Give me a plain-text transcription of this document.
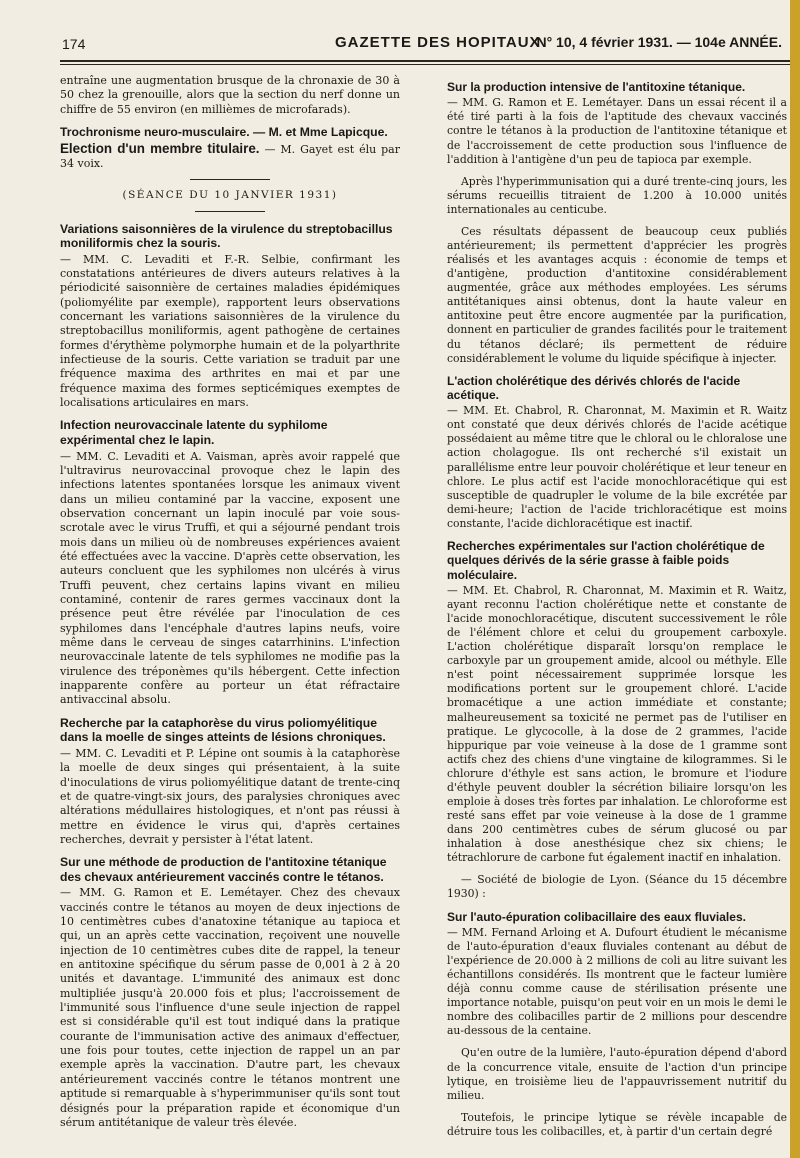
174	GAZETTE DES HOPITAUX
N° 10, 4 février 1931. — 104e ANNÉE.

entraîne une augmentation brusque de la chronaxie de 30 à 50 chez la grenouille, alors que la section du nerf donne un chiffre de 55 environ (en millièmes de microfarads).

Trochronisme neuro-musculaire. — M. et Mme Lapicque.

Election d'un membre titulaire. — M. Gayet est élu par 34 voix.

(SÉANCE DU 10 JANVIER 1931)
Variations saisonnières de la virulence du streptobacillus moniliformis chez la souris.

— MM. C. Levaditi et F.-R. Selbie, confirmant les constatations antérieures de divers auteurs relatives à la périodicité saisonnière de certaines maladies épidémiques (poliomyélite par exemple), rapportent leurs observations concernant les variations saisonnières de la virulence du streptobacillus moniliformis, agent pathogène de certaines formes d'érythème polymorphe humain et de la polyarthrite infectieuse de la souris. Cette variation se traduit par une fréquence maxima des arthrites en mai et par une fréquence maxima des formes septicémiques exemptes de localisations articulaires en mars.

Infection neurovaccinale latente du syphilome expérimental chez le lapin.

— MM. C. Levaditi et A. Vaisman, après avoir rappelé que l'ultravirus neurovaccinal provoque chez le lapin des infections latentes spontanées lorsque les animaux vivent dans un milieu contaminé par la vaccine, exposent une observation concernant un lapin inoculé par voie sous-scrotale avec le virus Truffi, et qui a séjourné pendant trois mois dans un milieu où de nombreuses expériences avaient été effectuées avec la vaccine. D'après cette observation, les auteurs concluent que les syphilomes non ulcérés à virus Truffi peuvent, chez certains lapins vivant en milieu contaminé, contenir de rares germes vaccinaux dont la présence peut être révélée par l'inoculation de ces syphilomes dans l'encéphale d'autres lapins neufs, voire même dans le cerveau de singes catarrhinins. L'infection neurovaccinale latente de tels syphilomes ne modifie pas la virulence des tréponèmes qu'ils hébergent. Cette infection inapparente confère au porteur un état réfractaire antivaccinal absolu.

Recherche par la cataphorèse du virus poliomyélitique dans la moelle de singes atteints de lésions chroniques.

— MM. C. Levaditi et P. Lépine ont soumis à la cataphorèse la moelle de deux singes qui présentaient, à la suite d'inoculations de virus poliomyélitique datant de trente-cinq et de quatre-vingt-six jours, des paralysies chroniques avec altérations médullaires histologiques, et n'ont pas réussi à mettre en évidence le virus qui, d'après certaines recherches, devrait y persister à l'état latent.

Sur une méthode de production de l'antitoxine tétanique des chevaux antérieurement vaccinés contre le tétanos.

— MM. G. Ramon et E. Lemétayer. Chez des chevaux vaccinés contre le tétanos au moyen de deux injections de 10 centimètres cubes d'anatoxine tétanique au tapioca et qui, un an après cette vaccination, reçoivent une nouvelle injection de 10 centimètres cubes dite de rappel, la teneur en antitoxine spécifique du sérum passe de 0,001 à 2 à 20 unités et davantage. L'immunité des animaux est donc multipliée jusqu'à 20.000 fois et plus; l'accroissement de l'immunité sous l'influence d'une seule injection de rappel est si considérable qu'il est tout indiqué dans la pratique courante de l'immunisation active des animaux d'effectuer, une fois pour toutes, cette injection de rappel un an par exemple après la vaccination. D'autre part, les chevaux antérieurement vaccinés contre le tétanos montrent une aptitude si remarquable à s'hyperimmuniser qu'ils sont tout désignés pour la préparation rapide et économique d'un sérum antitétanique de valeur très élevée.

Sur la production intensive de l'antitoxine tétanique.

— MM. G. Ramon et E. Lemétayer. Dans un essai récent il a été tiré parti à la fois de l'aptitude des chevaux vaccinés contre le tétanos à la production de l'antitoxine tétanique et de l'accroissement de cette production sous l'influence de l'addition à l'antigène d'un peu de tapioca par exemple.

Après l'hyperimmunisation qui a duré trente-cinq jours, les sérums recueillis titraient de 1.200 à 10.000 unités internationales au centicube.

Ces résultats dépassent de beaucoup ceux publiés antérieurement; ils permettent d'apprécier les progrès réalisés et les avantages acquis : économie de temps et d'antigène, production d'antitoxine considérablement augmentée, grâce aux méthodes employées. Les sérums antitétaniques ainsi obtenus, dont la haute valeur en antitoxine peut être encore augmentée par la purification, donnent en particulier de grandes facilités pour le traitement du tétanos déclaré; ils permettent de réduire considérablement le volume du liquide spécifique à injecter.

L'action cholérétique des dérivés chlorés de l'acide acétique.

— MM. Et. Chabrol, R. Charonnat, M. Maximin et R. Waitz ont constaté que deux dérivés chlorés de l'acide acétique possédaient au même titre que le chloral ou le chloralose une action cholagogue. Ils ont recherché s'il existait un parallélisme entre leur pouvoir cholérétique et leur teneur en chlore. Le plus actif est l'acide monochloracétique qui est susceptible de quadrupler le volume de la bile excrétée par demi-heure; l'action de l'acide trichloracétique est moins constante, l'acide dichloracétique est inactif.

Recherches expérimentales sur l'action cholérétique de quelques dérivés de la série grasse à faible poids moléculaire.

— MM. Et. Chabrol, R. Charonnat, M. Maximin et R. Waitz, ayant reconnu l'action cholérétique nette et constante de l'acide monochloracétique, discutent successivement le rôle de l'élément chlore et celui du groupement carboxyle. L'action cholérétique disparaît lorsqu'on remplace le carboxyle par un groupement amide, alcool ou méthyle. Elle n'est point nécessairement supprimée lorsque les modifications portent sur le groupement chloré. L'acide bromacétique a une action immédiate et constante; malheureusement sa toxicité ne permet pas de l'utiliser en pratique. Le glycocolle, à la dose de 2 grammes, l'acide hippurique par voie veineuse à la dose de 1 gramme sont actifs chez des chiens d'une vingtaine de kilogrammes. Si le chlorure d'éthyle est sans action, le bromure et l'iodure d'éthyle peuvent doubler la sécrétion biliaire lorsqu'on les emploie à doses très fortes par inhalation. Le chloroforme est resté sans effet par voie veineuse à la dose de 1 gramme dans 200 centimètres cubes de sérum glucosé ou par inhalation à dose anesthésique chez six chiens; le tétrachlorure de carbone fut également inactif en inhalation.

— Société de biologie de Lyon. (Séance du 15 décembre 1930) :

Sur l'auto-épuration colibacillaire des eaux fluviales.

— MM. Fernand Arloing et A. Dufourt étudient le mécanisme de l'auto-épuration d'eaux fluviales contenant au début de l'expérience de 20.000 à 2 millions de coli au litre suivant les échantillons considérés. Ils montrent que le facteur lumière déjà connu comme cause de stérilisation présente une importance notable, puisqu'on peut voir en un mois le demi le nombre des colibacilles partir de 2 millions pour descendre au-dessous de la centaine.

Qu'en outre de la lumière, l'auto-épuration dépend d'abord de la concurrence vitale, ensuite de l'action d'un principe lytique, en troisième lieu de l'appauvrissement nutritif du milieu.

Toutefois, le principe lytique se révèle incapable de détruire tous les colibacilles, et, à partir d'un certain degré
